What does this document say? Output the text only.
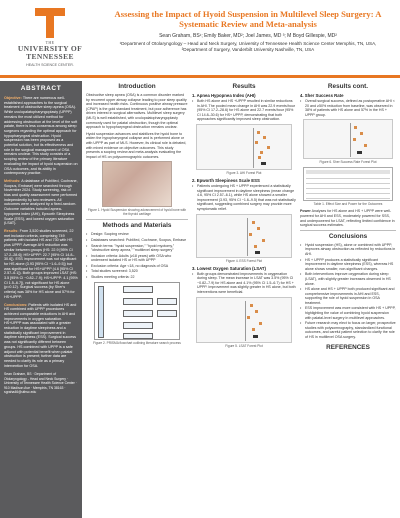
THE
UNIVERSITY OF
TENNESSEE
HEALTH SCIENCE CENTER.
Assessing the Impact of Hyoid Suspension in Multilevel Sleep Surgery: A Systematic Review and Meta-analysis
Sean Graham, BS¹; Emily Baker, MD²; Joel James, MD ³; M Boyd Gillespie, MD²
¹Department of Otolaryngology – Head and Neck Surgery, University of Tennessee Health Science Center Memphis, TN, USA,
²Department of Surgery, Vanderbilt University Nashville, TN, USA
ABSTRACT

Objective: There are numerous well-established approaches to the surgical treatment of obstructive sleep apnea (OSA). While uvulopalatopharyngoplasty (UPPP) remains the most utilized method for addressing obstruction at the level of the soft palate, there is less consensus among sleep surgeons regarding the optimal approach for hypopharyngeal obstruction. Hyoid suspension has been proposed as a potential solution, but its effectiveness and role in the surgical management of OSA remains unclear. This study consists of a scoping review of the primary literature evaluating the impact of hyoid suspension on OSA outcomes, and its ability in contemporary practice.

Methods: A database of PubMed, Cochrane, Scopus, Embase) were searched through November 2024. Study screening, risk of bias and quality assessment were performed independently by two reviewers. All outcomes were analyzed by a fixed-random. Outcome variables included apnea-hypopnea index (AHI), Epworth Sleepiness Scale (ESS), and lowest oxygen saturation (LSAT).

Results: From 3,520 studies screened, 22 met inclusion criteria, comprising 749 patients with isolated HS and 730 with HS plus UPPP. Average AHI reduction was similar between groups (HS: 22.9 [95% CI 17.2–28.6]; HS+UPPP: 22.7 [95% CI 14.8–30.6]). ESS improvement was not significant for HS alone (3.93 [95% CI −1.6–9.5]) but was significant for HS+UPPP (4.6 [95% CI 2.57–6.1]). Both groups improved LSAT (HS: 3.5 [95% CI −0.82–7.9]; HS+UPPP: 4.1 [95% CI 1.5–6.7]), not significant for HS alone (p=0.12). Surgical success (by Sher's criteria) was 38% for HS alone and 57% for HS+UPPP.

Conclusions: Patients with isolated HS and HS combined with UPPP procedures achieved comparable reductions in AHI and improvements in oxygen saturation. HS+UPPP was associated with a greater reduction in daytime sleepiness and a statistically significant improvement in daytime sleepiness (ESS). Surgical success was not significantly different between groups. HS combined with UPPP is a safe adjunct with potential benefit when palatal obstruction is present; further data are needed to clarify its role as a primary intervention for OSA.

Sean Graham, BS · Department of Otolaryngology - Head and Neck Surgery · University of Tennessee Health Science Center · 910 Madison Ave · Memphis, TN 38163 · sgraha46@uthsc.edu

Introduction

Obstructive sleep apnea (OSA) is a common disorder marked by recurrent upper airway collapse leading to poor sleep quality and increased health risks. Continuous positive airway pressure (CPAP) is the gold standard treatment, but poor adherence has driven interest in surgical alternatives. Multilevel sleep surgery (MLS) is well established, with uvulopalatopharyngoplasty commonly used for palatal obstruction, though the optimal approach to hypopharyngeal obstruction remains unclear.

Hyoid suspension advances and stabilizes the hyoid bone to widen the hypopharyngeal collapse and is performed alone or with UPPP as part of MLS. However, its clinical role is debated, with mixed evidence on objective outcomes. This study presents a scoping review and meta-analysis evaluating the impact of HS on polysomnographic outcomes.

Figure 1. Hyoid Suspension showing advancement of hyoid bone with the thyroid cartilage
Methods and Materials
• Design: Scoping review
• Databases searched: PubMed, Cochrane, Scopus, Embase
• Search terms: "hyoid suspension," "hyoid myotomy," "obstructive sleep apnea," "multilevel sleep surgery"
• Inclusion criteria: Adults (≥18 years) with OSA who underwent isolated HS or HS with UPPP
• Exclusion criteria: Age <18, no diagnosis of OSA
• Total studies screened: 3,520
• Studies meeting criteria: 22
Figure 2. PRISMA flowchart outlining literature search process
Results
1. Apnea Hypopnea Index (AHI)
• Both HS alone and HS +UPPP resulted in similar reductions in AHI. The pooled mean change in AHI was 22.9 events/hour (95% CI 17.2–28.6) for HS alone and 22.7 events/hour (95% CI 14.8–30.6) for HS+ UPPP, demonstrating that both approaches significantly improved sleep obstruction.
Figure 3. AHI Forest Plot
2. Epworth Sleepiness Scale ESS
• Patients undergoing HS + UPPP experienced a statistically significant improvement in daytime sleepiness (mean change 4.6, 95% CI 2.57–6.1), while HS alone showed a smaller improvement (3.93, 95% CI −1.6–9.5) that was not statistically significant, suggesting combined surgery may provide more symptomatic relief.
Figure 4. ESS Forest Plot
3. Lowest Oxygen Saturation (LSAT)
• Both groups demonstrated improvements in oxygenation during sleep. The mean increase in LSAT was 3.5% (95% CI −0.82–7.9) for HS alone and 4.1% (95% CI 1.5–6.7) for HS + UPPP. Improvement was slightly greater in HS alone, but both interventions were beneficial.
Figure 5. LSAT Forest Plot
Results cont.
4. Sher Success Rate
• Overall surgical success, defined as postoperative AHI < 20 and ≥50% reduction from baseline, was observed in 38% of patients with HS alone and 57% in the HS + UPPP group.
Figure 6. Sher Success Rate Forest Plot
Table 1. Effect Size and Power for the Outcomes

Power Analyses for HS alone and HS + UPPP were well-powered for AHI and ESS, moderately powered for SSS, and underpowered for LSAT, reflecting limited confidence in surgical success estimates.

Conclusions
• Hyoid suspension (HS), alone or combined with UPPP, improves airway obstruction as reflected by reductions in AHI.
• HS + UPPP produces a statistically significant improvement in daytime sleepiness (ESS), whereas HS alone shows smaller, non-significant changes.
• Both interventions improve oxygenation during sleep (LSAT), with slightly greater increases observed in HS alone.
• HS alone and HS + UPPP both produced significant and comprehensive improvements in AHI and ESS, supporting the role of hyoid suspension in OSA treatment.
• ESS improvement was more consistent with HS + UPPP, highlighting the value of combining hyoid suspension with palatal-level surgery in multilevel approaches.
• Future research may elect to focus on larger, prospective studies with polysomnography, standardized functional outcomes, and careful patient selection to clarify the role of HS in multilevel OSA surgery.
REFERENCES
